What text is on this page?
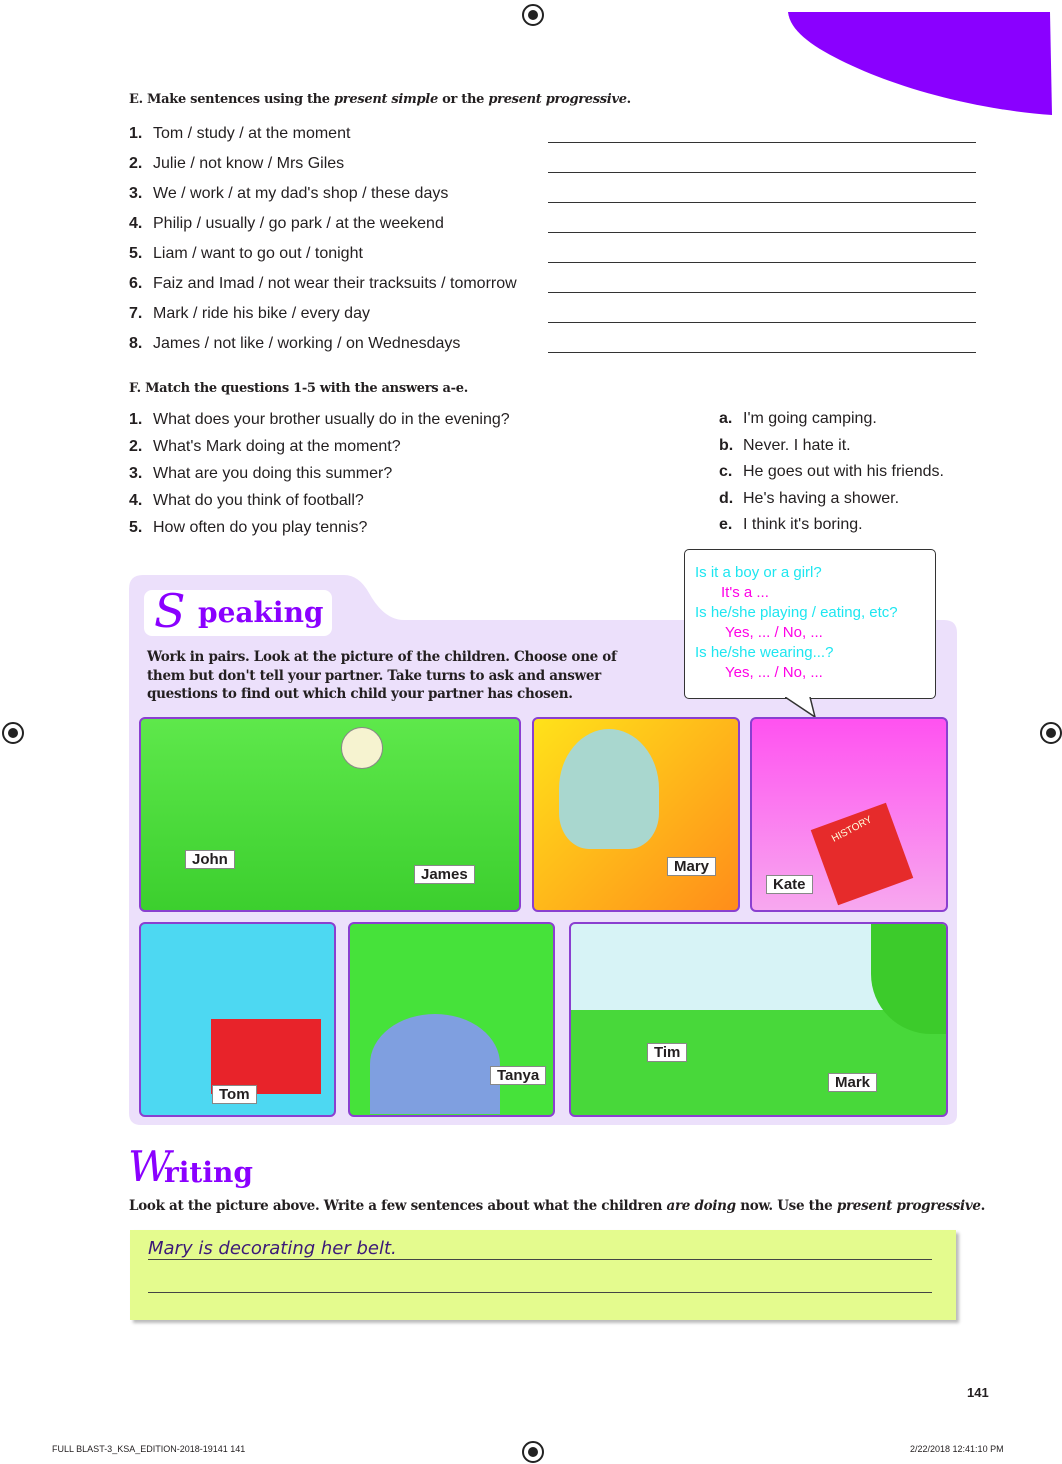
E. Make sentences using the present simple or the present progressive.
1. Tom / study / at the moment
2. Julie / not know / Mrs Giles
3. We / work / at my dad's shop / these days
4. Philip / usually / go park / at the weekend
5. Liam / want to go out / tonight
6. Faiz and Imad / not wear their tracksuits / tomorrow
7. Mark / ride his bike / every day
8. James / not like / working / on Wednesdays
F. Match the questions 1-5 with the answers a-e.
1. What does your brother usually do in the evening?
2. What's Mark doing at the moment?
3. What are you doing this summer?
4. What do you think of football?
5. How often do you play tennis?
a. I'm going camping.
b. Never. I hate it.
c. He goes out with his friends.
d. He's having a shower.
e. I think it's boring.
S peaking
Work in pairs. Look at the picture of the children. Choose one of them but don't tell your partner. Take turns to ask and answer questions to find out which child your partner has chosen.
Is it a boy or a girl?
It's a ...
Is he/she playing / eating, etc?
Yes, ... / No, ...
Is he/she wearing...?
Yes, ... / No, ...
HISTORY
John
James	Mary
Kate
Tom
Tanya
Tim
Mark
W
riting
Look at the picture above. Write a few sentences about what the children are doing now. Use the present progressive.
Mary is decorating her belt.
141
FULL BLAST-3_KSA_EDITION-2018-19141 141	2/22/2018 12:41:10 PM
